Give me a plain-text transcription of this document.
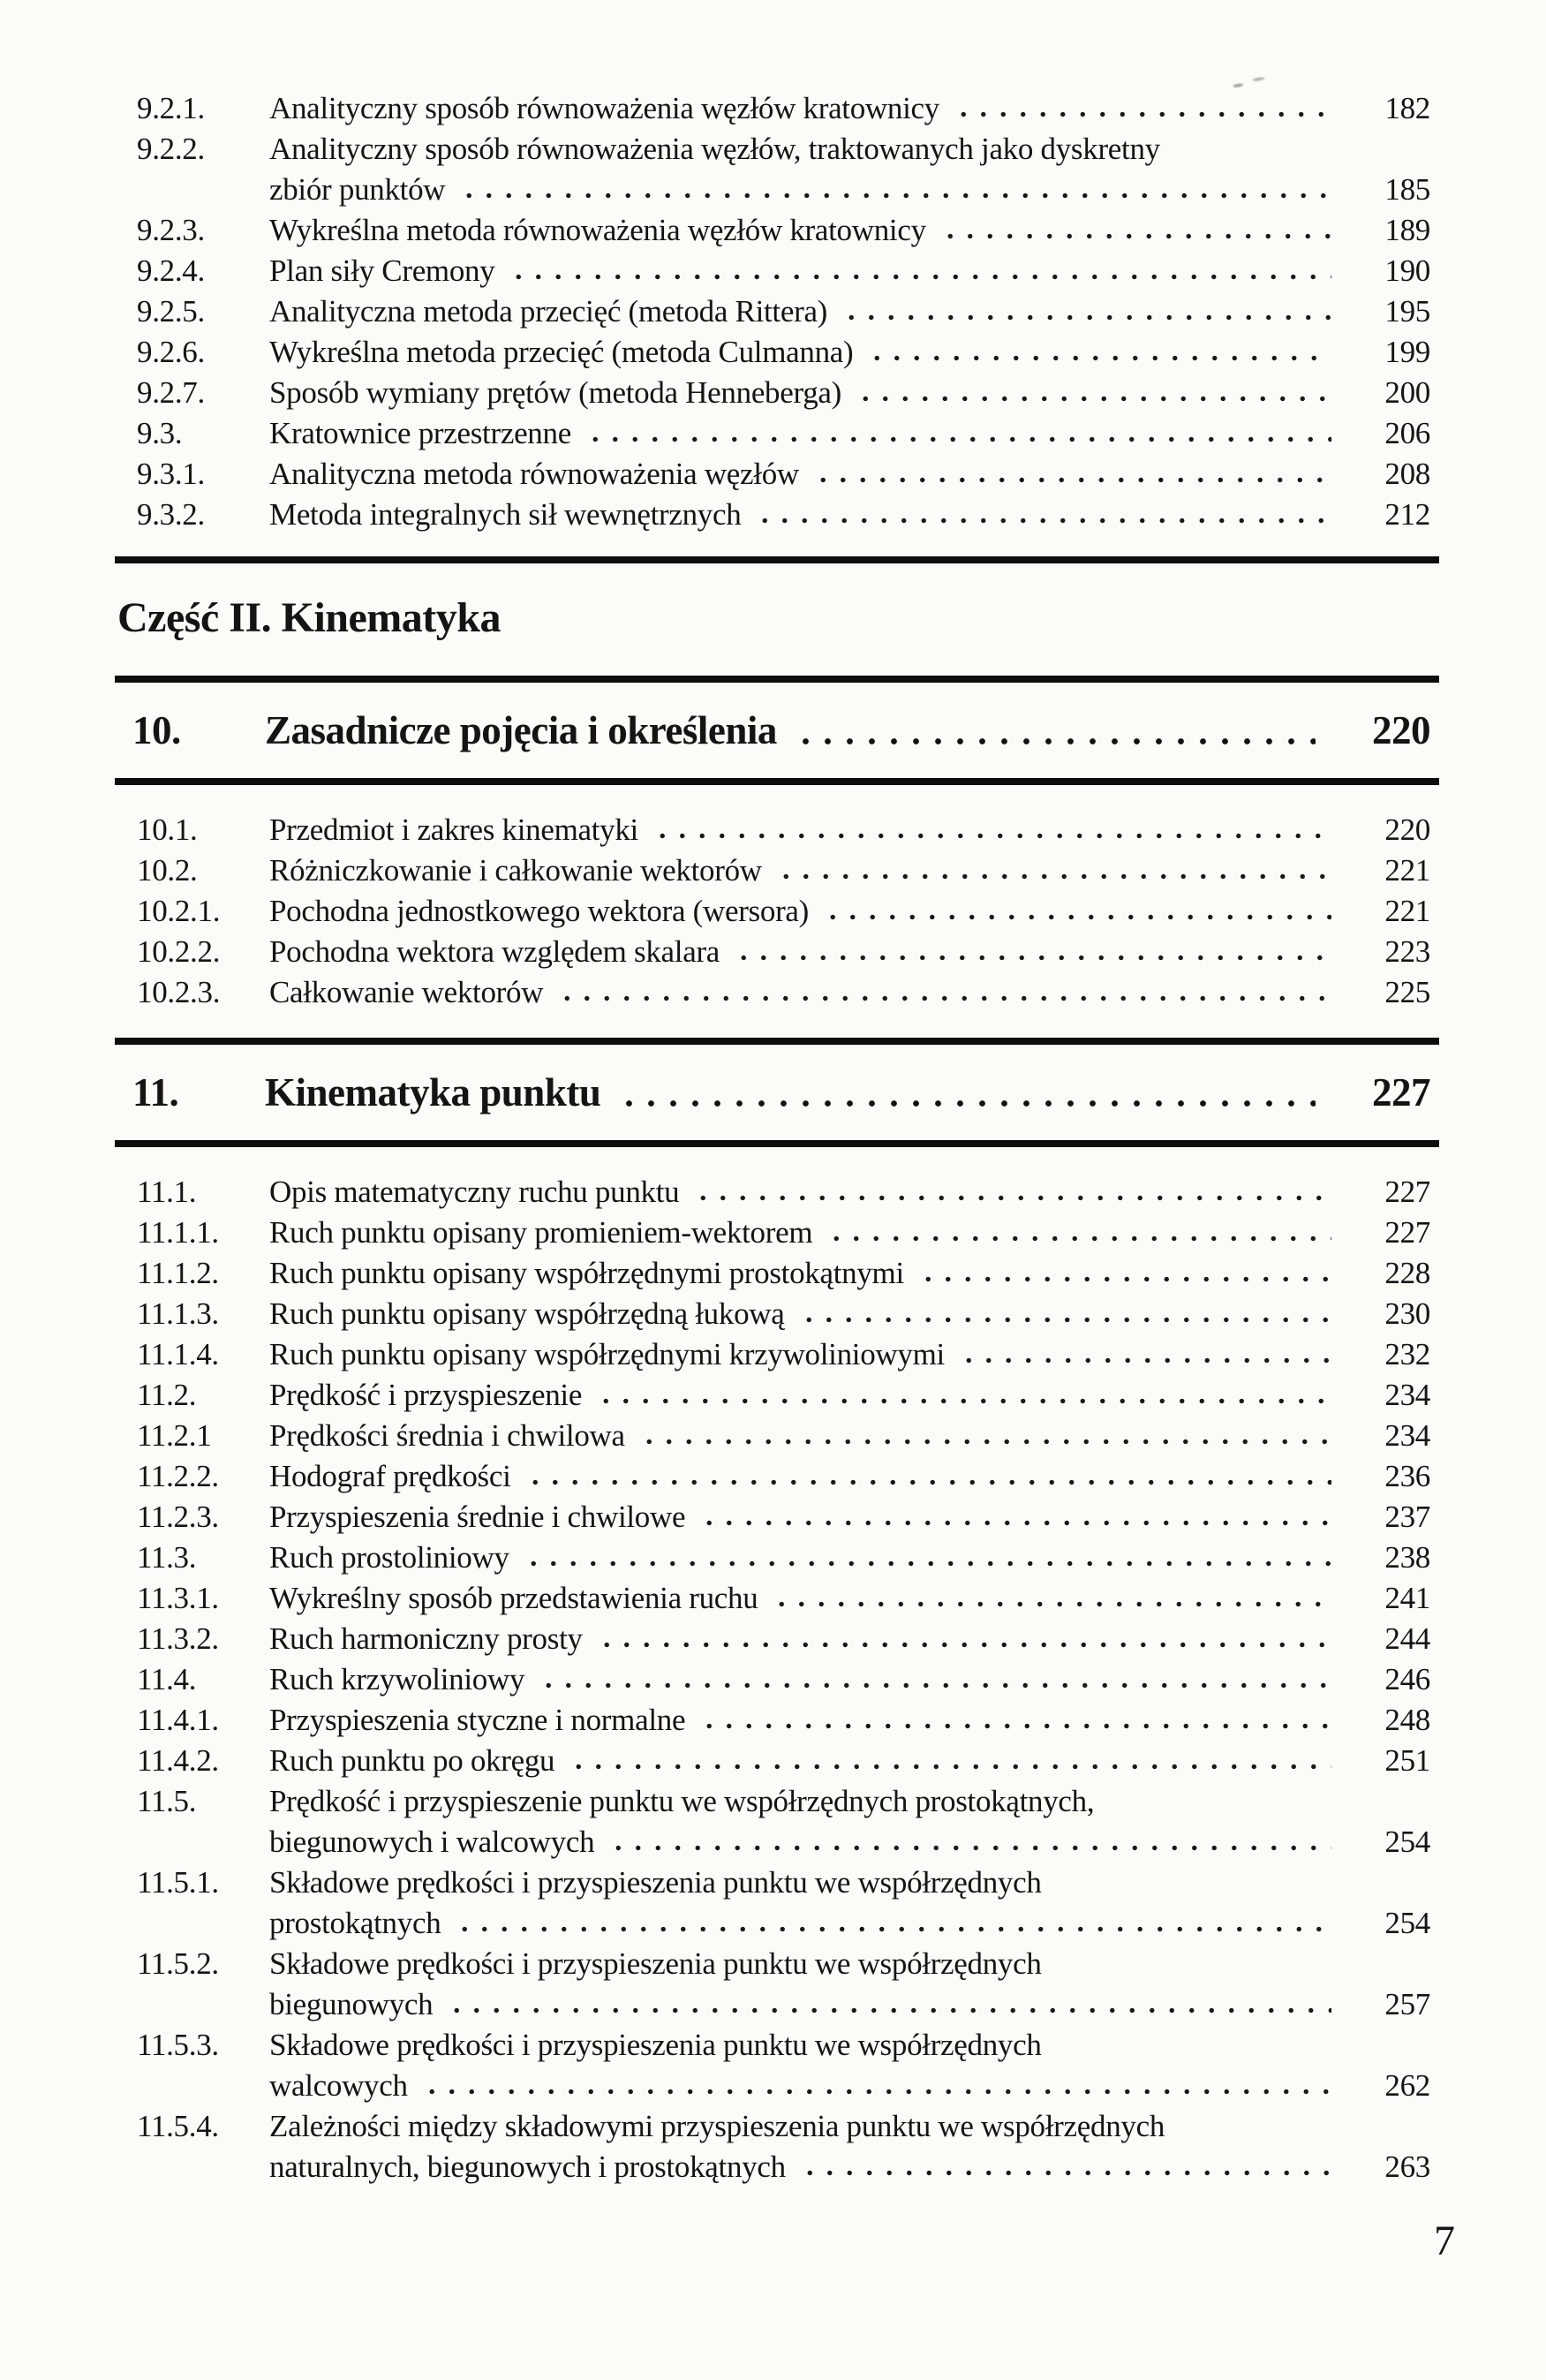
9.2.1.	Analityczny sposób równoważenia węzłów kratownicy	182
9.2.2.	Analityczny sposób równoważenia węzłów, traktowanych jako dyskretny
zbiór punktów	185
9.2.3.	Wykreślna metoda równoważenia węzłów kratownicy	189
9.2.4.	Plan siły Cremony	190
9.2.5.	Analityczna metoda przecięć (metoda Rittera)	195
9.2.6.	Wykreślna metoda przecięć (metoda Culmanna)	199
9.2.7.	Sposób wymiany prętów (metoda Henneberga)	200
9.3.	Kratownice przestrzenne	206
9.3.1.	Analityczna metoda równoważenia węzłów	208
9.3.2.	Metoda integralnych sił wewnętrznych	212
Część II. Kinematyka
10.	Zasadnicze pojęcia i określenia	220
10.1.	Przedmiot i zakres kinematyki	220
10.2.	Różniczkowanie i całkowanie wektorów	221
10.2.1.	Pochodna jednostkowego wektora (wersora)	221
10.2.2.	Pochodna wektora względem skalara	223
10.2.3.	Całkowanie wektorów	225
11.	Kinematyka punktu	227
11.1.	Opis matematyczny ruchu punktu	227
11.1.1.	Ruch punktu opisany promieniem-wektorem	227
11.1.2.	Ruch punktu opisany współrzędnymi prostokątnymi	228
11.1.3.	Ruch punktu opisany współrzędną łukową	230
11.1.4.	Ruch punktu opisany współrzędnymi krzywoliniowymi	232
11.2.	Prędkość i przyspieszenie	234
11.2.1	Prędkości średnia i chwilowa	234
11.2.2.	Hodograf prędkości	236
11.2.3.	Przyspieszenia średnie i chwilowe	237
11.3.	Ruch prostoliniowy	238
11.3.1.	Wykreślny sposób przedstawienia ruchu	241
11.3.2.	Ruch harmoniczny prosty	244
11.4.	Ruch krzywoliniowy	246
11.4.1.	Przyspieszenia styczne i normalne	248
11.4.2.	Ruch punktu po okręgu	251
11.5.	Prędkość i przyspieszenie punktu we współrzędnych prostokątnych,
biegunowych i walcowych	254
11.5.1.	Składowe prędkości i przyspieszenia punktu we współrzędnych
prostokątnych	254
11.5.2.	Składowe prędkości i przyspieszenia punktu we współrzędnych
biegunowych	257
11.5.3.	Składowe prędkości i przyspieszenia punktu we współrzędnych
walcowych	262
11.5.4.	Zależności między składowymi przyspieszenia punktu we współrzędnych
naturalnych, biegunowych i prostokątnych	263
7
